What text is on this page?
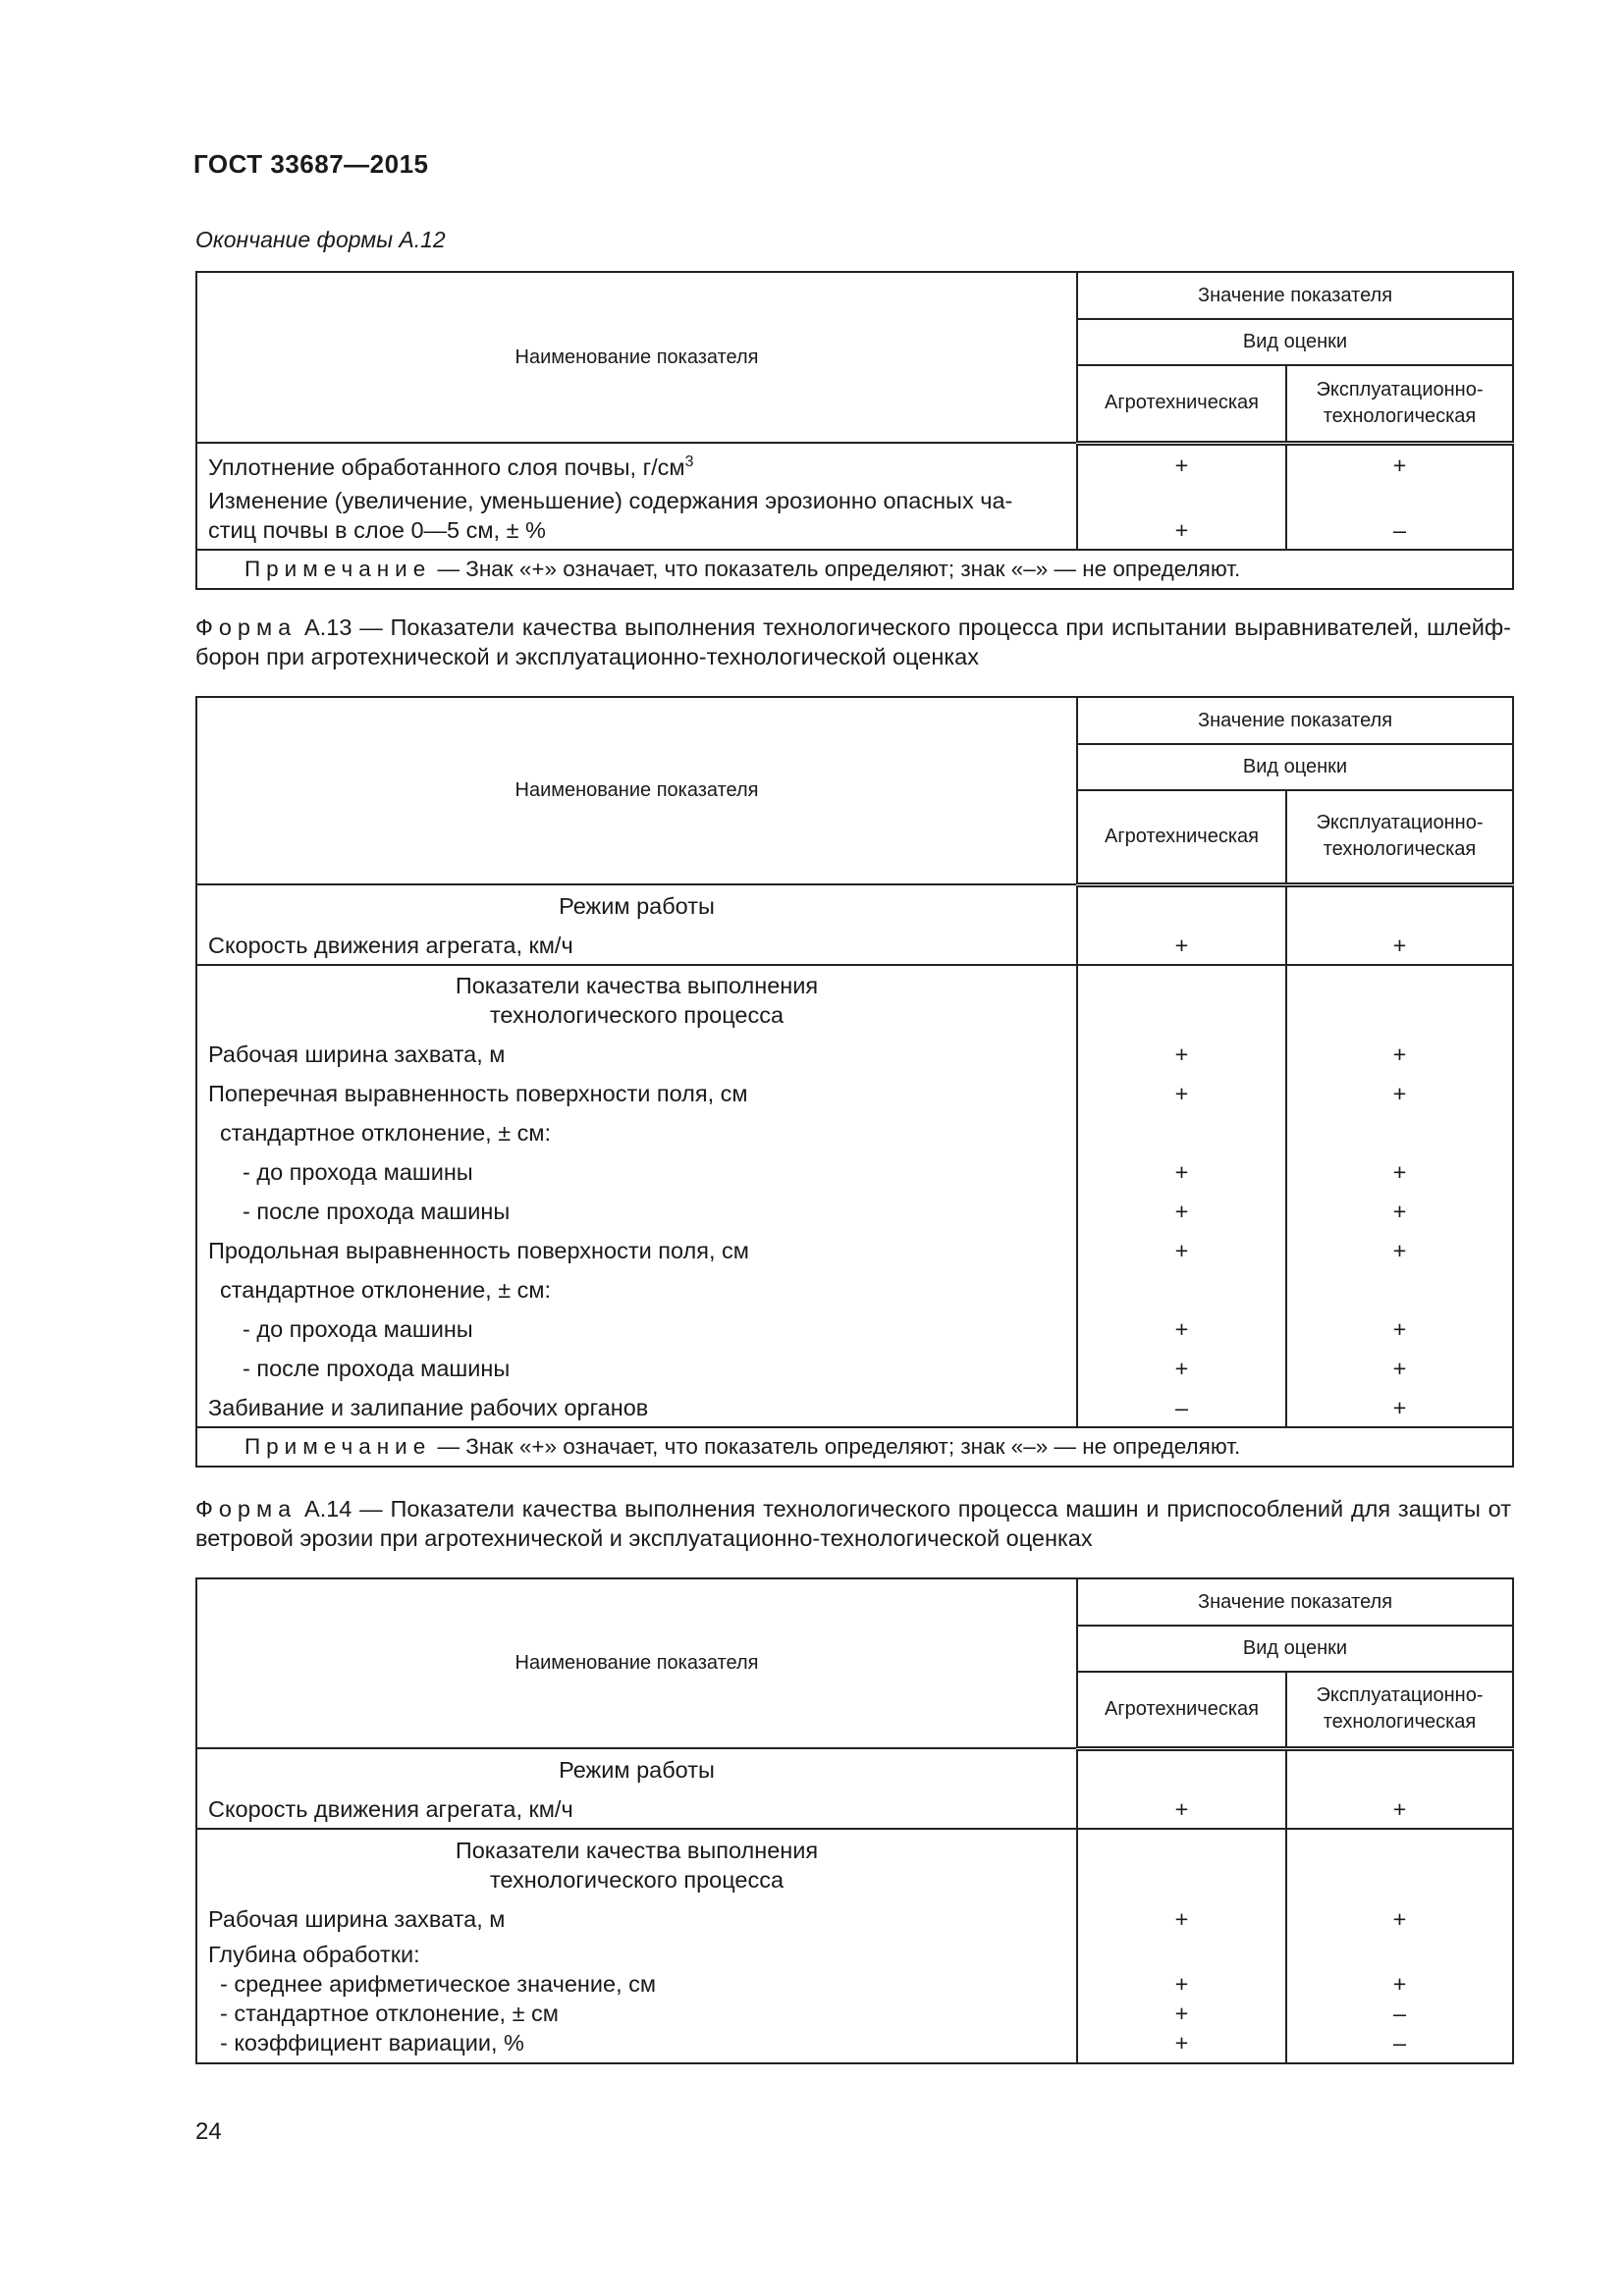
ГОСТ 33687—2015
Окончание формы А.12
Наименование показателя	Значение показателя	
	Вид оценки	
	Агротехническая	Эксплуатационно-
технологическая
Уплотнение обработанного слоя почвы, $г/см^3$	+	+
Изменение (увеличение, уменьшение) содержания эрозионно опасных ча-
стиц почвы в слое 0—5 см, ± %	+	–
Примечание — Знак «+» означает, что показатель определяют; знак «–» — не определяют.		
Форма А.13 — Показатели качества выполнения технологического процесса при испытании выравнивателей, шлейф-борон при агротехнической и эксплуатационно-технологической оценках
Наименование показателя	Значение показателя	
	Вид оценки	
	Агротехническая	Эксплуатационно-
технологическая
Режим работы		
Скорость движения агрегата, км/ч	+	+
Показатели качества выполнения
технологического процесса		
Рабочая ширина захвата, м	+	+
Поперечная выравненность поверхности поля, см	+	+
стандартное отклонение, ± см:		
- до прохода машины	+	+
- после прохода машины	+	+
Продольная выравненность поверхности поля, см	+	+
стандартное отклонение, ± см:		
- до прохода машины	+	+
- после прохода машины	+	+
Забивание и залипание рабочих органов	–	+
Примечание — Знак «+» означает, что показатель определяют; знак «–» — не определяют.		
Форма А.14 — Показатели качества выполнения технологического процесса машин и приспособлений для защиты от ветровой эрозии при агротехнической и эксплуатационно-технологической оценках
Наименование показателя	Значение показателя	
	Вид оценки	
	Агротехническая	Эксплуатационно-
технологическая
Режим работы		
Скорость движения агрегата, км/ч	+	+
Показатели качества выполнения
технологического процесса		
Рабочая ширина захвата, м	+	+
Глубина обработки:		
- среднее арифметическое значение, см	+	+
- стандартное отклонение, ± см	+	–
- коэффициент вариации, %	+	–
24
